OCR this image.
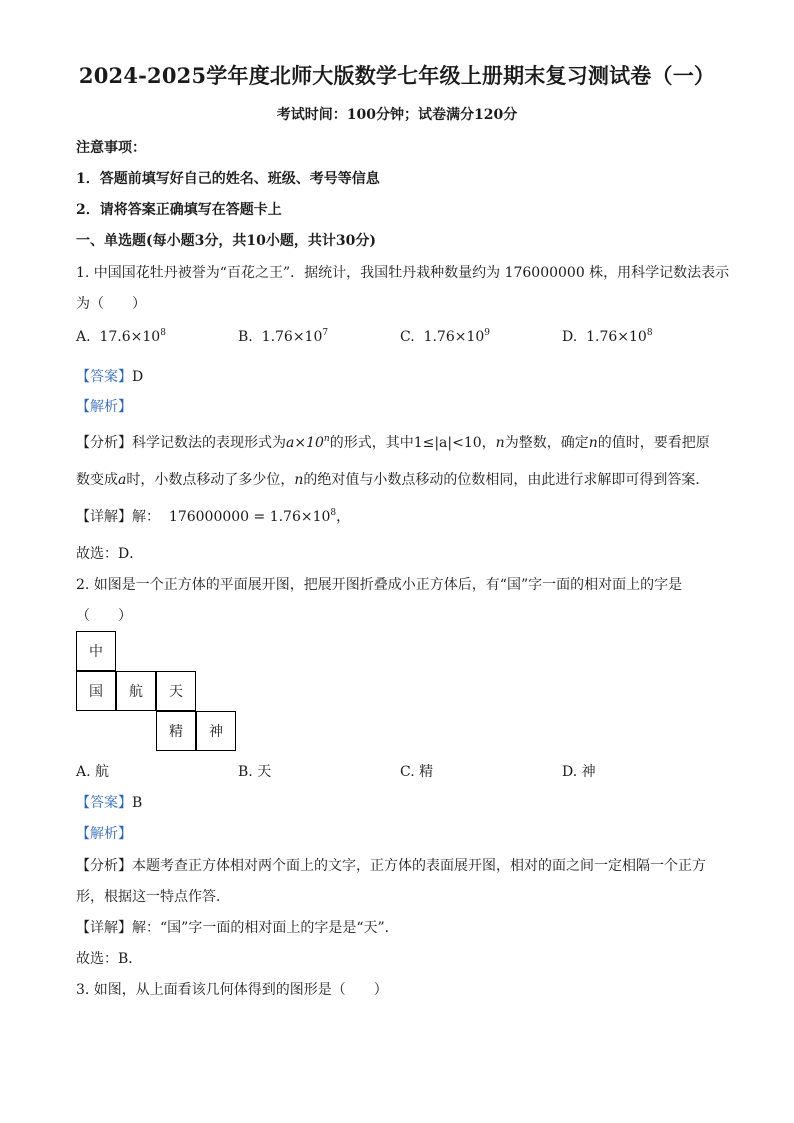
2024-2025学年度北师大版数学七年级上册期末复习测试卷（一）
考试时间：100分钟；试卷满分120分
注意事项：
1．答题前填写好自己的姓名、班级、考号等信息
2．请将答案正确填写在答题卡上
一、单选题(每小题3分，共10小题，共计30分)
1. 中国国花牡丹被誉为“百花之王”．据统计，我国牡丹栽种数量约为 176000000 株，用科学记数法表示
为（　　）
A. $17.6\times 10^8$	B. $1.76\times 10^7$	C. $1.76\times 10^9$	D. $1.76\times 10^8$
【答案】D
【解析】
【分析】科学记数法的表现形式为$a\times 10^n$的形式，其中1≤|a|<10，n为整数，确定n的值时，要看把原
数变成a时，小数点移动了多少位，n的绝对值与小数点移动的位数相同，由此进行求解即可得到答案．
【详解】解： $176000000 = 1.76\times 10^8$，
故选：D．
2. 如图是一个正方体的平面展开图，把展开图折叠成小正方体后，有“国”字一面的相对面上的字是
（　　）
中
国	航	天
精	神
A. 航	B. 天	C. 精	D. 神
【答案】B
【解析】
【分析】本题考查正方体相对两个面上的文字，正方体的表面展开图，相对的面之间一定相隔一个正方
形，根据这一特点作答．
【详解】解：“国”字一面的相对面上的字是是“天”．
故选：B．
3. 如图，从上面看该几何体得到的图形是（　　）
